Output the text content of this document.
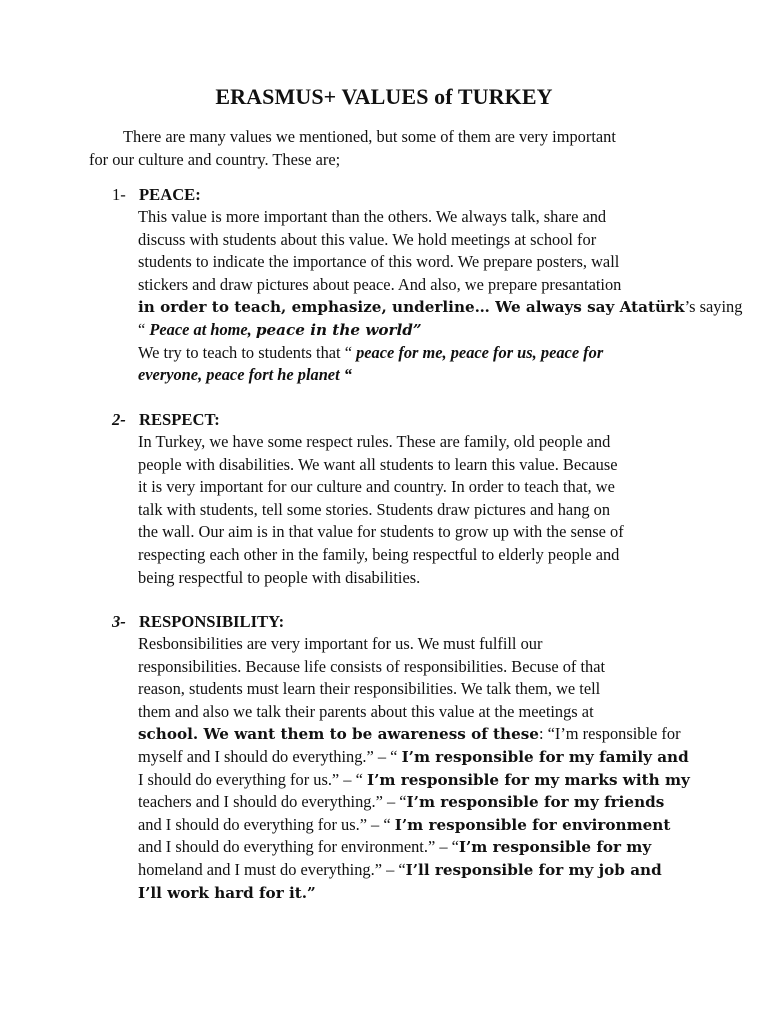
ERASMUS+ VALUES of TURKEY
There are many values we mentioned, but some of them are very important
for our culture and country. These are;
1- PEACE:
This value is more important than the others. We always talk, share and
discuss with students about this value. We hold meetings at school for
students to indicate the importance of this word. We prepare posters, wall
stickers and draw pictures about peace. And also, we prepare presantation
in order to teach, emphasize, underline… We always say Atatürk’s saying
“ Peace at home, peace in the world”
We try to teach to students that “ peace for me, peace for us, peace for
everyone, peace fort he planet “
2- RESPECT:
In Turkey, we have some respect rules. These are family, old people and
people with disabilities. We want all students to learn this value. Because
it is very important for our culture and country. In order to teach that, we
talk with students, tell some stories. Students draw pictures and hang on
the wall. Our aim is in that value for students to grow up with the sense of
respecting each other in the family, being respectful to elderly people and
being respectful to people with disabilities.
3- RESPONSIBILITY:
Resbonsibilities are very important for us. We must fulfill our
responsibilities. Because life consists of responsibilities. Becuse of that
reason, students must learn their responsibilities. We talk them, we tell
them and also we talk their parents about this value at the meetings at
school. We want them to be awareness of these: “I’m responsible for
myself and I should do everything.” – “ I’m responsible for my family and
I should do everything for us.” – “ I’m responsible for my marks with my
teachers and I should do everything.” – “I’m responsible for my friends
and I should do everything for us.” – “ I’m responsible for environment
and I should do everything for environment.” – “I’m responsible for my
homeland and I must do everything.” – “I’ll responsible for my job and
I’ll work hard for it.”
